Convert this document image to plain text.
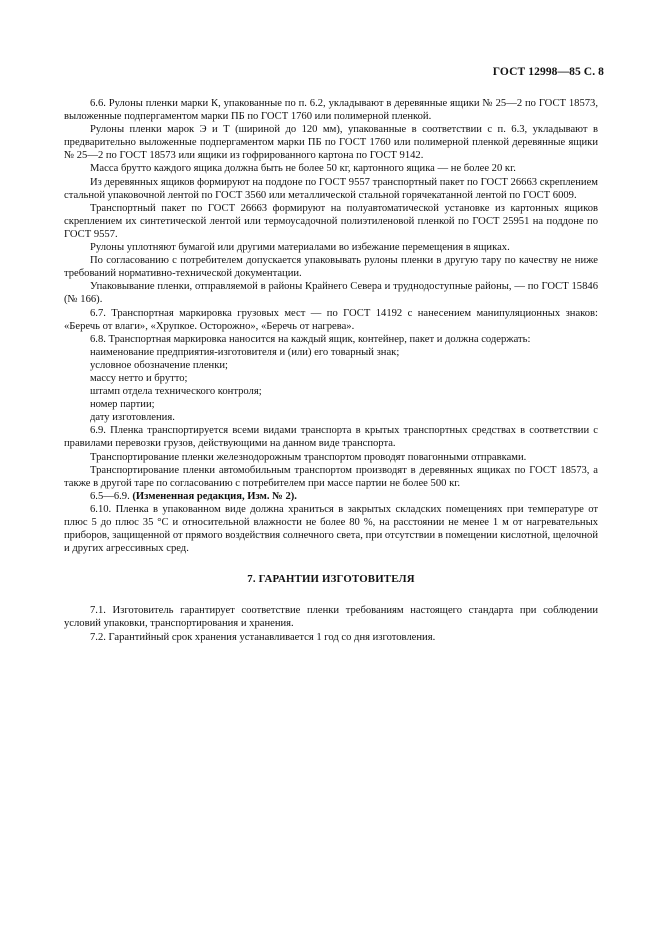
ГОСТ 12998—85 С. 8

6.6. Рулоны пленки марки К, упакованные по п. 6.2, укладывают в деревянные ящики № 25—2 по ГОСТ 18573, выложенные подпергаментом марки ПБ по ГОСТ 1760 или полимерной пленкой.

Рулоны пленки марок Э и Т (шириной до 120 мм), упакованные в соответствии с п. 6.3, укладывают в предварительно выложенные подпергаментом марки ПБ по ГОСТ 1760 или полимерной пленкой деревянные ящики № 25—2 по ГОСТ 18573 или ящики из гофрированного картона по ГОСТ 9142.

Масса брутто каждого ящика должна быть не более 50 кг, картонного ящика — не более 20 кг.

Из деревянных ящиков формируют на поддоне по ГОСТ 9557 транспортный пакет по ГОСТ 26663 скреплением стальной упаковочной лентой по ГОСТ 3560 или металлической стальной горячекатанной лентой по ГОСТ 6009.

Транспортный пакет по ГОСТ 26663 формируют на полуавтоматической установке из картонных ящиков скреплением их синтетической лентой или термоусадочной полиэтиленовой пленкой по ГОСТ 25951 на поддоне по ГОСТ 9557.

Рулоны уплотняют бумагой или другими материалами во избежание перемещения в ящиках.

По согласованию с потребителем допускается упаковывать рулоны пленки в другую тару по качеству не ниже требований нормативно-технической документации.

Упаковывание пленки, отправляемой в районы Крайнего Севера и труднодоступные районы, — по ГОСТ 15846 (№ 166).

6.7. Транспортная маркировка грузовых мест — по ГОСТ 14192 с нанесением манипуляционных знаков: «Беречь от влаги», «Хрупкое. Осторожно», «Беречь от нагрева».

6.8. Транспортная маркировка наносится на каждый ящик, контейнер, пакет и должна содержать:

наименование предприятия-изготовителя и (или) его товарный знак;

условное обозначение пленки;

массу нетто и брутто;

штамп отдела технического контроля;

номер партии;

дату изготовления.

6.9. Пленка транспортируется всеми видами транспорта в крытых транспортных средствах в соответствии с правилами перевозки грузов, действующими на данном виде транспорта.

Транспортирование пленки железнодорожным транспортом проводят повагонными отправками.

Транспортирование пленки автомобильным транспортом производят в деревянных ящиках по ГОСТ 18573, а также в другой таре по согласованию с потребителем при массе партии не более 500 кг.

6.5—6.9. (Измененная редакция, Изм. № 2).

6.10. Пленка в упакованном виде должна храниться в закрытых складских помещениях при температуре от плюс 5 до плюс 35 °С и относительной влажности не более 80 %, на расстоянии не менее 1 м от нагревательных приборов, защищенной от прямого воздействия солнечного света, при отсутствии в помещении кислотной, щелочной и других агрессивных сред.

7. ГАРАНТИИ ИЗГОТОВИТЕЛЯ

7.1. Изготовитель гарантирует соответствие пленки требованиям настоящего стандарта при соблюдении условий упаковки, транспортирования и хранения.

7.2. Гарантийный срок хранения устанавливается 1 год со дня изготовления.
